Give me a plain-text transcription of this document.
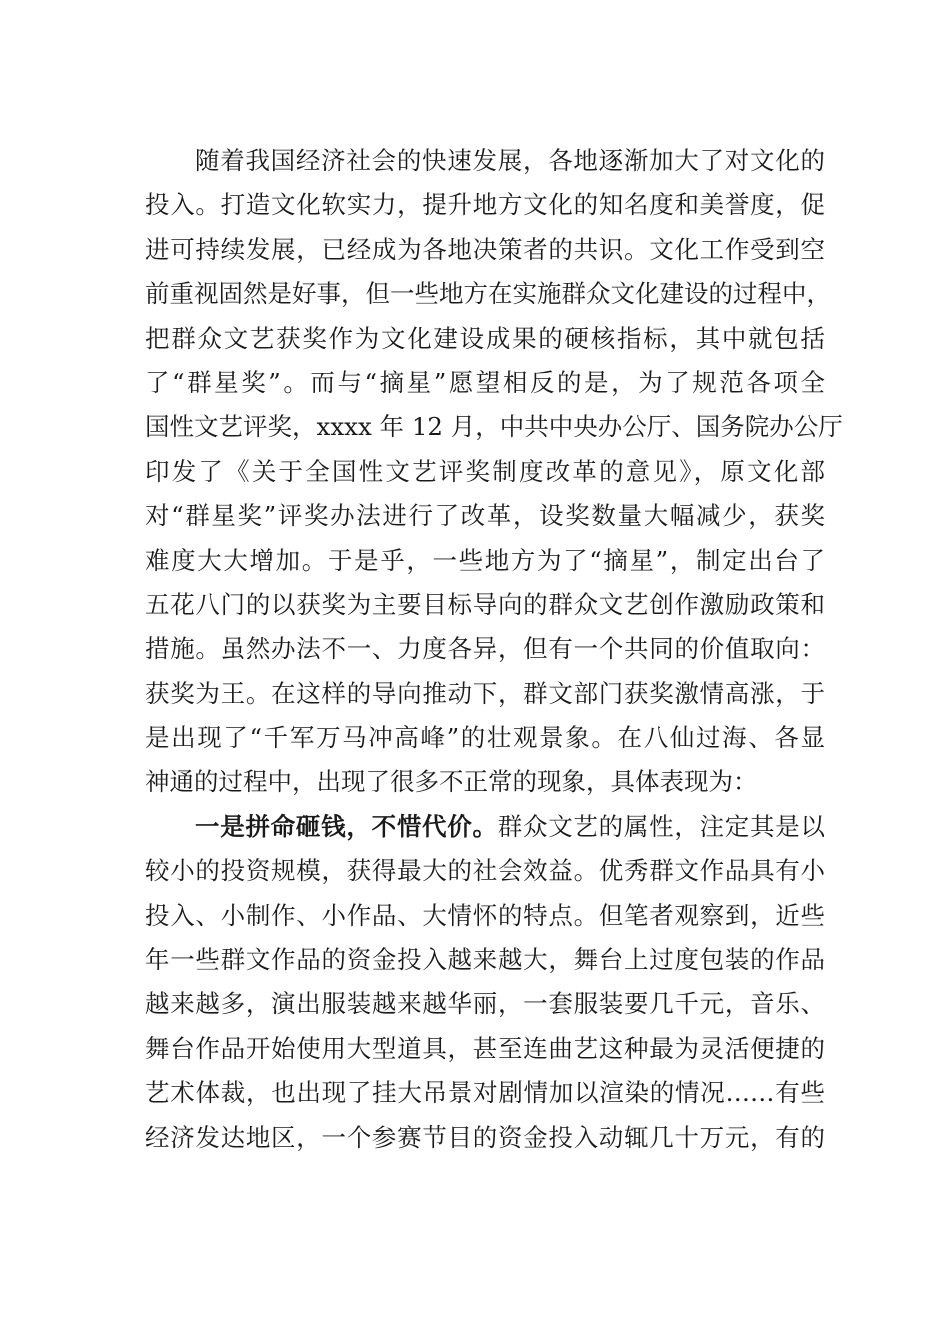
随着我国经济社会的快速发展，各地逐渐加大了对文化的
投入。打造文化软实力，提升地方文化的知名度和美誉度，促
进可持续发展，已经成为各地决策者的共识。文化工作受到空
前重视固然是好事，但一些地方在实施群众文化建设的过程中，
把群众文艺获奖作为文化建设成果的硬核指标，其中就包括
了“群星奖”。而与“摘星”愿望相反的是，为了规范各项全
国性文艺评奖，xxxx 年 12 月，中共中央办公厅、国务院办公厅
印发了《关于全国性文艺评奖制度改革的意见》，原文化部
对“群星奖”评奖办法进行了改革，设奖数量大幅减少，获奖
难度大大增加。于是乎，一些地方为了“摘星”，制定出台了
五花八门的以获奖为主要目标导向的群众文艺创作激励政策和
措施。虽然办法不一、力度各异，但有一个共同的价值取向：
获奖为王。在这样的导向推动下，群文部门获奖激情高涨，于
是出现了“千军万马冲高峰”的壮观景象。在八仙过海、各显
神通的过程中，出现了很多不正常的现象，具体表现为：
一是拼命砸钱，不惜代价。群众文艺的属性，注定其是以
较小的投资规模，获得最大的社会效益。优秀群文作品具有小
投入、小制作、小作品、大情怀的特点。但笔者观察到，近些
年一些群文作品的资金投入越来越大，舞台上过度包装的作品
越来越多，演出服装越来越华丽，一套服装要几千元，音乐、
舞台作品开始使用大型道具，甚至连曲艺这种最为灵活便捷的
艺术体裁，也出现了挂大吊景对剧情加以渲染的情况……有些
经济发达地区，一个参赛节目的资金投入动辄几十万元，有的
